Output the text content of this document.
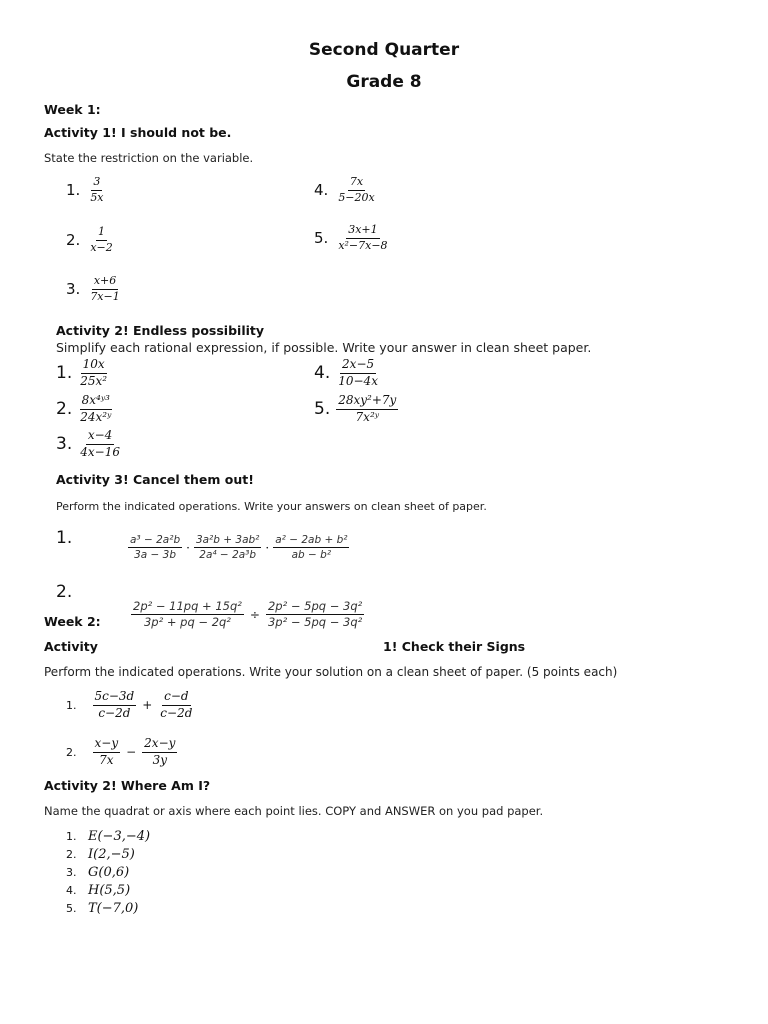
Second Quarter
Grade 8
Week 1:
Activity 1! I should not be.
State the restriction on the variable.
1. $\frac{3}{5x}$
2. $\frac{1}{x-2}$
3. $\frac{x+6}{7x-1}$
4. $\frac{7x}{5-20x}$
5. $\frac{3x+1}{\text{x²−7x−8}}$
Activity 2! Endless possibility
Simplify each rational expression, if possible. Write your answer in clean sheet paper.
1. $\frac{10x}{\text{25x²}}$
2. $\frac{\text{8x⁴ʸ³}}{\text{24x²ʸ}}$
3. $\frac{x-4}{4x-16}$
4. $\frac{2x-5}{10-4x}$
5. $\frac{\text{28xy²+7y}}{\text{7x²ʸ}}$
Activity 3! Cancel them out!
Perform the indicated operations. Write your answers on clean sheet of paper.
1.	$\frac{\text{a³ − 2a²b}}{3a - 3b} \cdot \frac{\text{3a²b + 3ab²}}{\text{2a⁴ − 2a³b}} \cdot \frac{\text{a² − 2ab + b²}}{\text{ab − b²}}$
2.
$\frac{\text{2p² − 11pq + 15q²}}{\text{3p² + pq − 2q²}} \div \frac{\text{2p² − 5pq − 3q²}}{\text{3p² − 5pq − 3q²}}$
Week 2:
Activity	1! Check their Signs
Perform the indicated operations. Write your solution on a clean sheet of paper. (5 points each)
1. $\frac{5c-3d}{c-2d} + \frac{c-d}{c-2d}$
2. $\frac{x-y}{7x} - \frac{2x-y}{3y}$
Activity 2! Where Am I?
Name the quadrat or axis where each point lies. COPY and ANSWER on you pad paper.
1. E(−3,−4)
2. I(2,−5)
3. G(0,6)
4. H(5,5)
5. T(−7,0)
